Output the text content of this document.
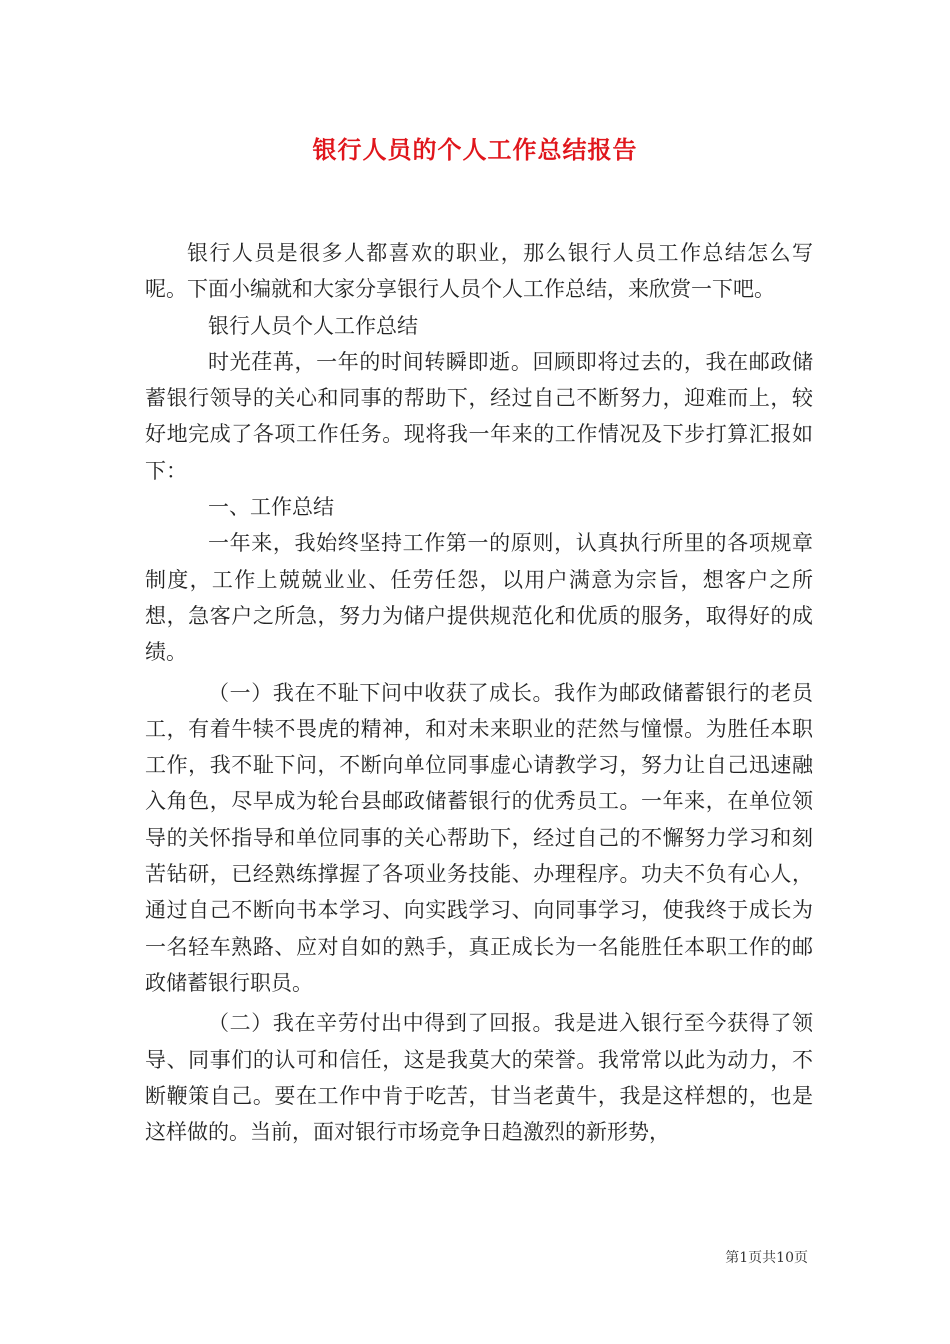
银行人员的个人工作总结报告

银行人员是很多人都喜欢的职业，那么银行人员工作总结怎么写呢。下面小编就和大家分享银行人员个人工作总结，来欣赏一下吧。

银行人员个人工作总结

时光荏苒，一年的时间转瞬即逝。回顾即将过去的，我在邮政储蓄银行领导的关心和同事的帮助下，经过自己不断努力，迎难而上，较好地完成了各项工作任务。现将我一年来的工作情况及下步打算汇报如下：

一、工作总结

一年来，我始终坚持工作第一的原则，认真执行所里的各项规章制度，工作上兢兢业业、任劳任怨，以用户满意为宗旨，想客户之所想，急客户之所急，努力为储户提供规范化和优质的服务，取得好的成绩。

（一）我在不耻下问中收获了成长。我作为邮政储蓄银行的老员工，有着牛犊不畏虎的精神，和对未来职业的茫然与憧憬。为胜任本职工作，我不耻下问，不断向单位同事虚心请教学习，努力让自己迅速融入角色，尽早成为轮台县邮政储蓄银行的优秀员工。一年来，在单位领导的关怀指导和单位同事的关心帮助下，经过自己的不懈努力学习和刻苦钻研，已经熟练撑握了各项业务技能、办理程序。功夫不负有心人，通过自己不断向书本学习、向实践学习、向同事学习，使我终于成长为一名轻车熟路、应对自如的熟手，真正成长为一名能胜任本职工作的邮政储蓄银行职员。

（二）我在辛劳付出中得到了回报。我是进入银行至今获得了领导、同事们的认可和信任，这是我莫大的荣誉。我常常以此为动力，不断鞭策自己。要在工作中肯于吃苦，甘当老黄牛，我是这样想的，也是这样做的。当前，面对银行市场竞争日趋激烈的新形势，

第1页共10页
